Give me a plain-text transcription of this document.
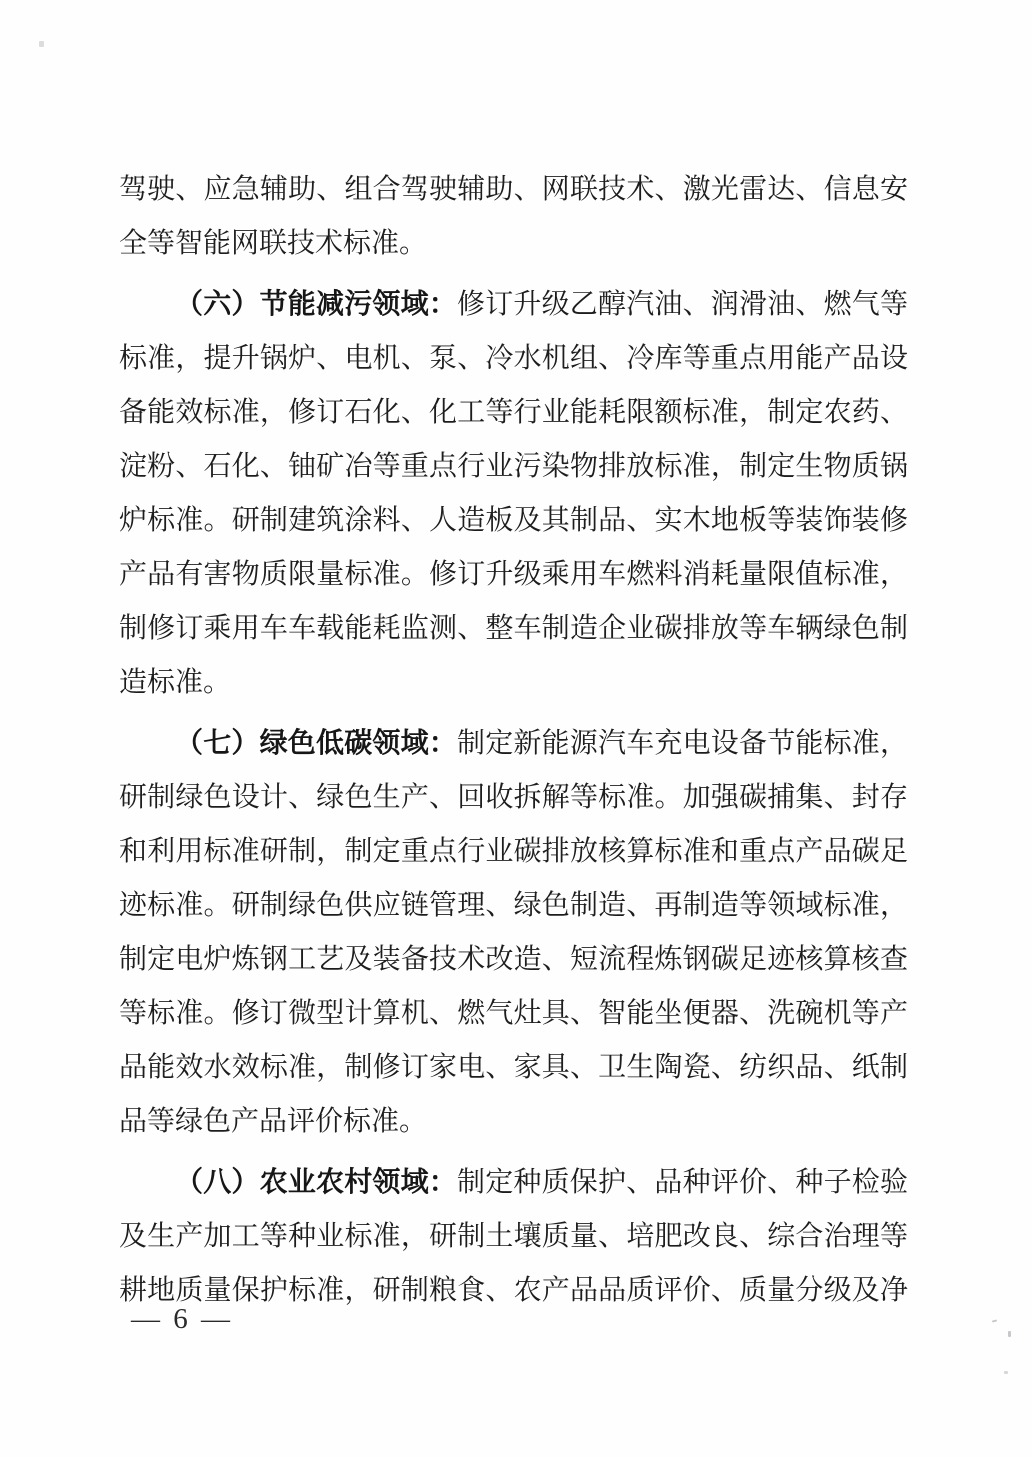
驾驶、应急辅助、组合驾驶辅助、网联技术、激光雷达、信息安
全等智能网联技术标准。
（六）节能减污领域：修订升级乙醇汽油、润滑油、燃气等
标准，提升锅炉、电机、泵、冷水机组、冷库等重点用能产品设
备能效标准，修订石化、化工等行业能耗限额标准，制定农药、
淀粉、石化、铀矿冶等重点行业污染物排放标准，制定生物质锅
炉标准。研制建筑涂料、人造板及其制品、实木地板等装饰装修
产品有害物质限量标准。修订升级乘用车燃料消耗量限值标准，
制修订乘用车车载能耗监测、整车制造企业碳排放等车辆绿色制
造标准。
（七）绿色低碳领域：制定新能源汽车充电设备节能标准，
研制绿色设计、绿色生产、回收拆解等标准。加强碳捕集、封存
和利用标准研制，制定重点行业碳排放核算标准和重点产品碳足
迹标准。研制绿色供应链管理、绿色制造、再制造等领域标准，
制定电炉炼钢工艺及装备技术改造、短流程炼钢碳足迹核算核查
等标准。修订微型计算机、燃气灶具、智能坐便器、洗碗机等产
品能效水效标准，制修订家电、家具、卫生陶瓷、纺织品、纸制
品等绿色产品评价标准。
（八）农业农村领域：制定种质保护、品种评价、种子检验
及生产加工等种业标准，研制土壤质量、培肥改良、综合治理等
耕地质量保护标准，研制粮食、农产品品质评价、质量分级及净
— 6 —
